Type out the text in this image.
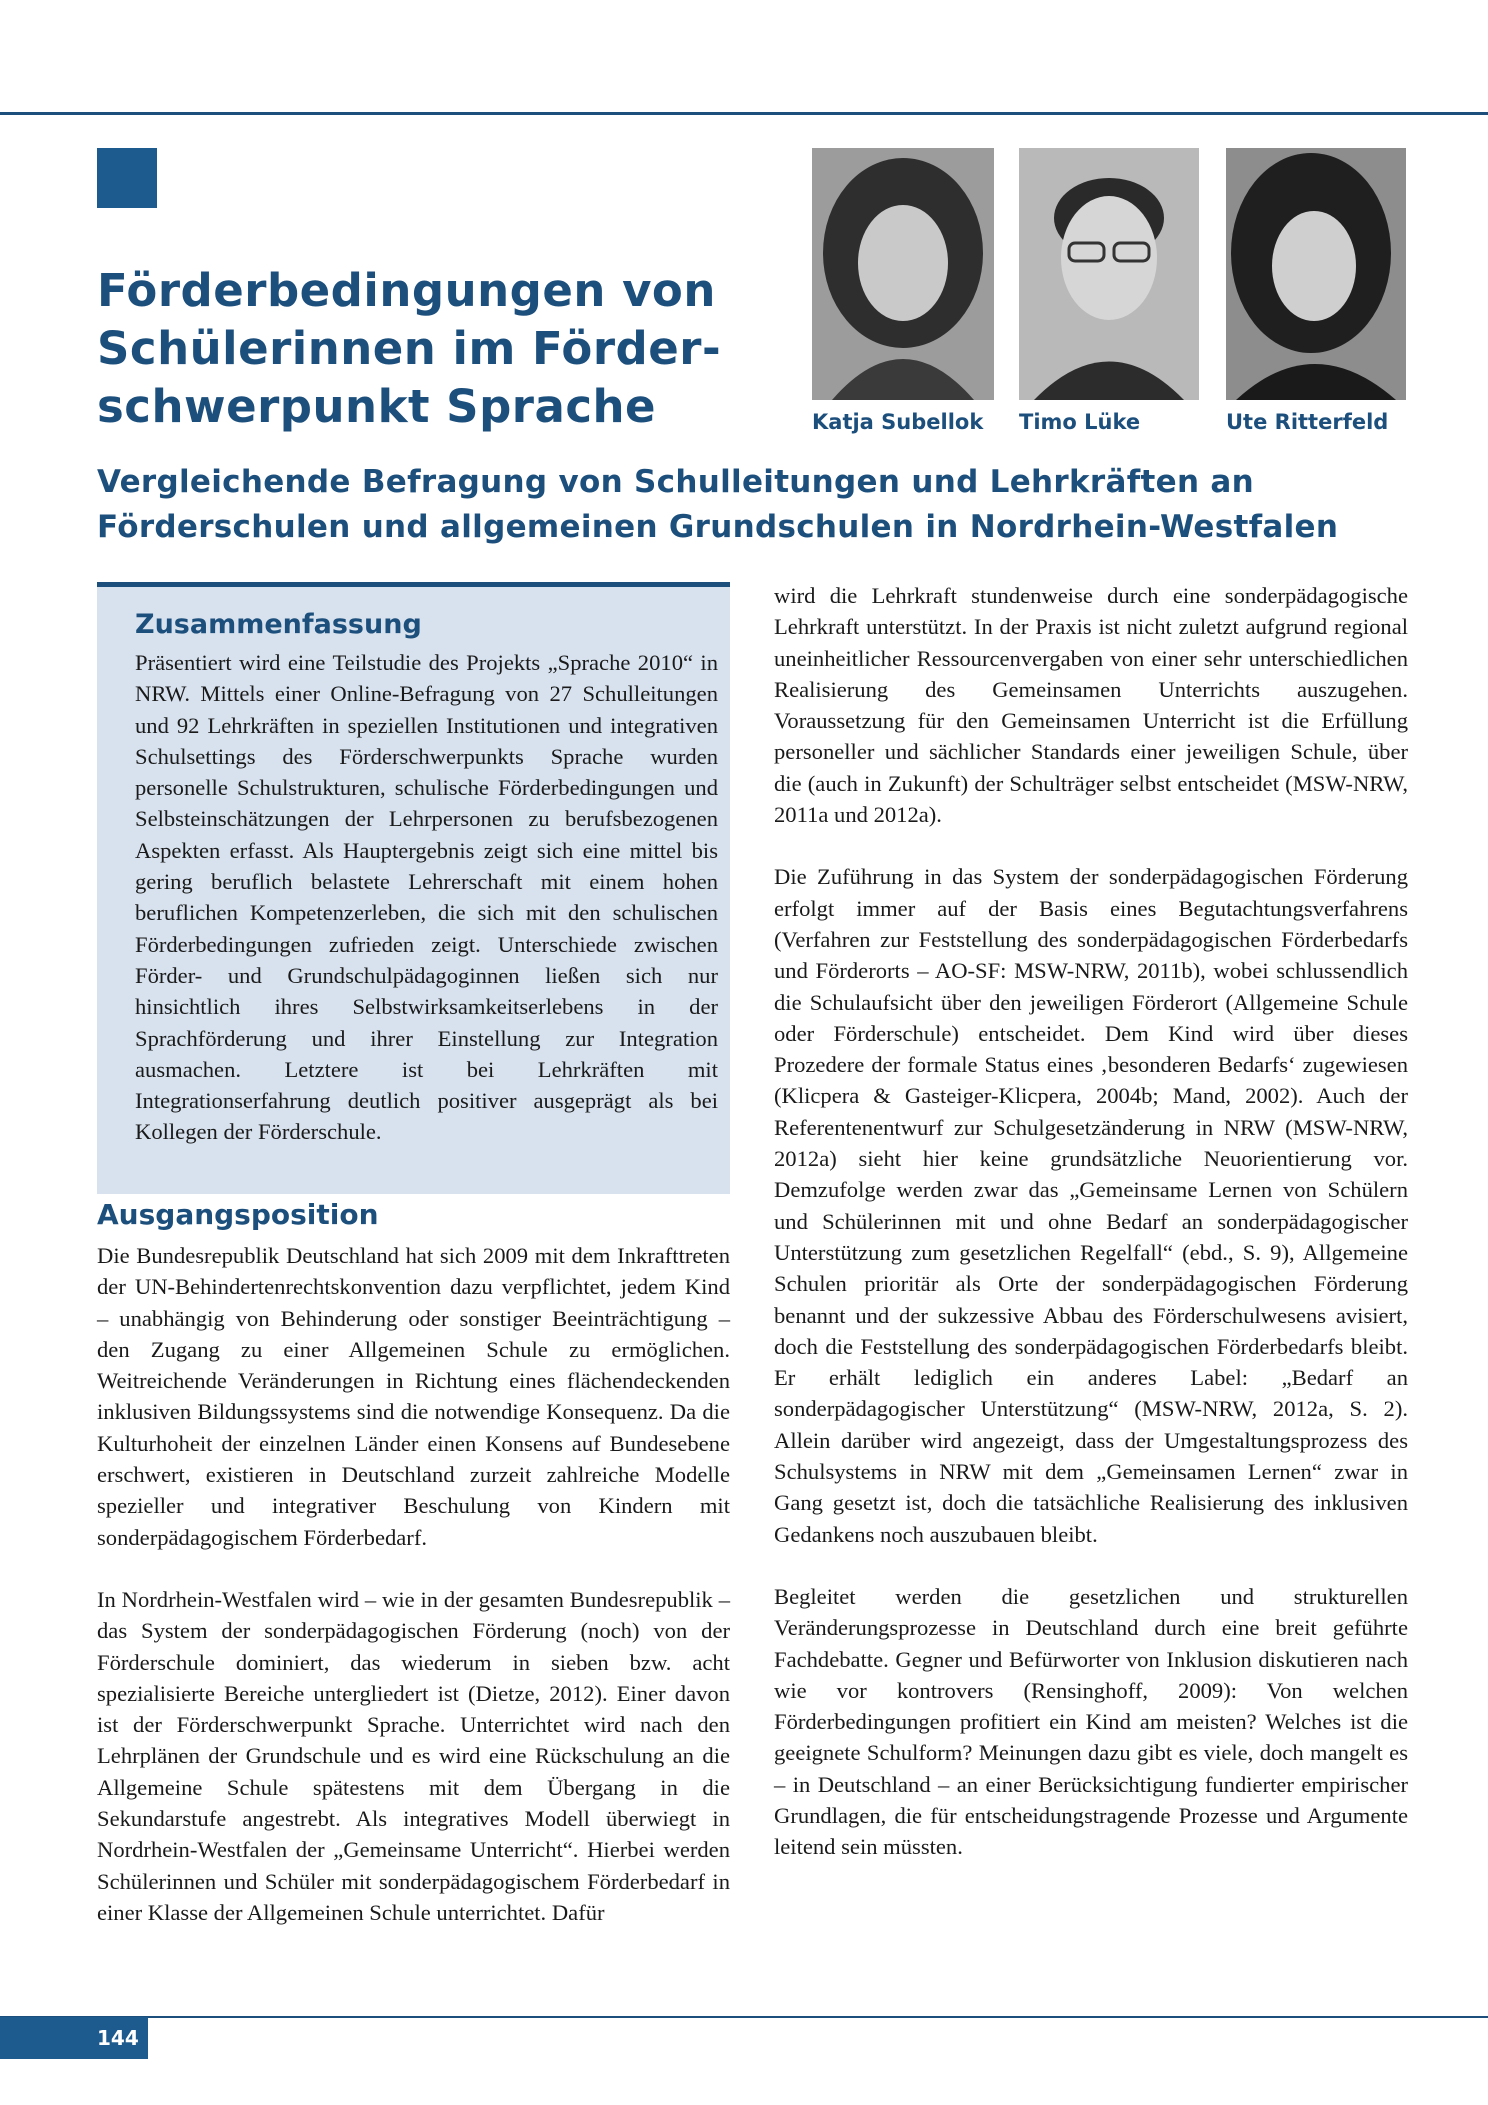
Förderbedingungen von
Schülerinnen im Förder-
schwerpunkt Sprache	Katja Subellok Timo Lüke	Ute Ritterfeld

Vergleichende Befragung von Schulleitungen und Lehrkräften an
Förderschulen und allgemeinen Grundschulen in Nordrhein-Westfalen
Zusammenfassung

Präsentiert wird eine Teilstudie des Projekts „Sprache 2010“ in NRW. Mittels einer Online-Befragung von 27 Schulleitungen und 92 Lehrkräften in speziellen Institutionen und integrativen Schulsettings des Förderschwerpunkts Sprache wurden personelle Schulstrukturen, schulische Förderbedingungen und Selbsteinschätzungen der Lehrpersonen zu berufsbezogenen Aspekten erfasst. Als Hauptergebnis zeigt sich eine mittel bis gering beruflich belastete Lehrerschaft mit einem hohen beruflichen Kompetenzerleben, die sich mit den schulischen Förderbedingungen zufrieden zeigt. Unterschiede zwischen Förder- und Grundschulpädagoginnen ließen sich nur hinsichtlich ihres Selbstwirksamkeitserlebens in der Sprachförderung und ihrer Einstellung zur Integration ausmachen. Letztere ist bei Lehrkräften mit Integrationserfahrung deutlich positiver ausgeprägt als bei Kollegen der Förderschule.

Ausgangsposition

Die Bundesrepublik Deutschland hat sich 2009 mit dem Inkrafttreten der UN-Behindertenrechtskonvention dazu verpflichtet, jedem Kind – unabhängig von Behinderung oder sonstiger Beeinträchtigung – den Zugang zu einer Allgemeinen Schule zu ermöglichen. Weitreichende Veränderungen in Richtung eines flächendeckenden inklusiven Bildungssystems sind die notwendige Konsequenz. Da die Kulturhoheit der einzelnen Länder einen Konsens auf Bundesebene erschwert, existieren in Deutschland zurzeit zahlreiche Modelle spezieller und integrativer Beschulung von Kindern mit sonderpädagogischem Förderbedarf.

In Nordrhein-Westfalen wird – wie in der gesamten Bundesrepublik – das System der sonderpädagogischen Förderung (noch) von der Förderschule dominiert, das wiederum in sieben bzw. acht spezialisierte Bereiche untergliedert ist (Dietze, 2012). Einer davon ist der Förderschwerpunkt Sprache. Unterrichtet wird nach den Lehrplänen der Grundschule und es wird eine Rückschulung an die Allgemeine Schule spätestens mit dem Übergang in die Sekundarstufe angestrebt. Als integratives Modell überwiegt in Nordrhein-Westfalen der „Gemeinsame Unterricht“. Hierbei werden Schülerinnen und Schüler mit sonderpädagogischem Förderbedarf in einer Klasse der Allgemeinen Schule unterrichtet. Dafür

wird die Lehrkraft stundenweise durch eine sonderpädagogische Lehrkraft unterstützt. In der Praxis ist nicht zuletzt aufgrund regional uneinheitlicher Ressourcenvergaben von einer sehr unterschiedlichen Realisierung des Gemeinsamen Unterrichts auszugehen. Voraussetzung für den Gemeinsamen Unterricht ist die Erfüllung personeller und sächlicher Standards einer jeweiligen Schule, über die (auch in Zukunft) der Schulträger selbst entscheidet (MSW-NRW, 2011a und 2012a).

Die Zuführung in das System der sonderpädagogischen Förderung erfolgt immer auf der Basis eines Begutachtungsverfahrens (Verfahren zur Feststellung des sonderpädagogischen Förderbedarfs und Förderorts – AO-SF: MSW-NRW, 2011b), wobei schlussendlich die Schulaufsicht über den jeweiligen Förderort (Allgemeine Schule oder Förderschule) entscheidet. Dem Kind wird über dieses Prozedere der formale Status eines ‚besonderen Bedarfs‘ zugewiesen (Klicpera & Gasteiger-Klicpera, 2004b; Mand, 2002). Auch der Referentenentwurf zur Schulgesetzänderung in NRW (MSW-NRW, 2012a) sieht hier keine grundsätzliche Neuorientierung vor. Demzufolge werden zwar das „Gemeinsame Lernen von Schülern und Schülerinnen mit und ohne Bedarf an sonderpädagogischer Unterstützung zum gesetzlichen Regelfall“ (ebd., S. 9), Allgemeine Schulen prioritär als Orte der sonderpädagogischen Förderung benannt und der sukzessive Abbau des Förderschulwesens avisiert, doch die Feststellung des sonderpädagogischen Förderbedarfs bleibt. Er erhält lediglich ein anderes Label: „Bedarf an sonderpädagogischer Unterstützung“ (MSW-NRW, 2012a, S. 2). Allein darüber wird angezeigt, dass der Umgestaltungsprozess des Schulsystems in NRW mit dem „Gemeinsamen Lernen“ zwar in Gang gesetzt ist, doch die tatsächliche Realisierung des inklusiven Gedankens noch auszubauen bleibt.

Begleitet werden die gesetzlichen und strukturellen Veränderungsprozesse in Deutschland durch eine breit geführte Fachdebatte. Gegner und Befürworter von Inklusion diskutieren nach wie vor kontrovers (Rensinghoff, 2009): Von welchen Förderbedingungen profitiert ein Kind am meisten? Welches ist die geeignete Schulform? Meinungen dazu gibt es viele, doch mangelt es – in Deutschland – an einer Berücksichtigung fundierter empirischer Grundlagen, die für entscheidungstragende Prozesse und Argumente leitend sein müssten.

144
